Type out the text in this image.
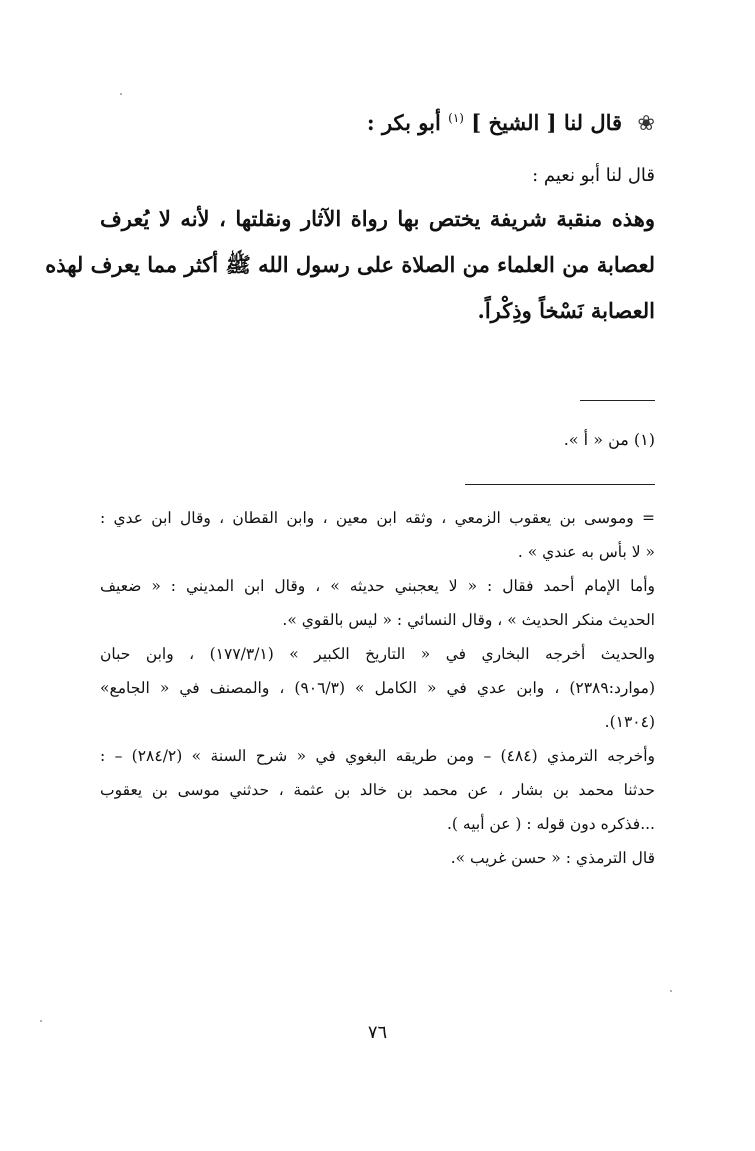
❀ قال لنا [ الشيخ ] $^{(١)}$ أبو بكر :
قال لنا أبو نعيم :
وهذه منقبة شريفة يختص بها رواة الآثار ونقلتها ، لأنه لا يُعرف
لعصابة من العلماء من الصلاة على رسول الله ﷺ أكثر مما يعرف لهذه
العصابة نَسْخاً وذِكْراً.
(١) من « أ ».
= وموسى بن يعقوب الزمعي ، وثقه ابن معين ، وابن القطان ، وقال ابن عدي :
« لا بأس به عندي » .
وأما الإمام أحمد فقال : « لا يعجبني حديثه » ، وقال ابن المديني : « ضعيف
الحديث منكر الحديث » ، وقال النسائي : « ليس بالقوي ».
والحديث أخرجه البخاري في « التاريخ الكبير » (١٧٧/٣/١) ، وابن حبان
(موارد:٢٣٨٩) ، وابن عدي في « الكامل » (٩٠٦/٣) ، والمصنف في « الجامع»
(١٣٠٤).
وأخرجه الترمذي (٤٨٤) – ومن طريقه البغوي في « شرح السنة » (٢٨٤/٢) – :
حدثنا محمد بن بشار ، عن محمد بن خالد بن عثمة ، حدثني موسى بن يعقوب
...فذكره دون قوله : ( عن أبيه ).
قال الترمذي : « حسن غريب ».
٧٦
